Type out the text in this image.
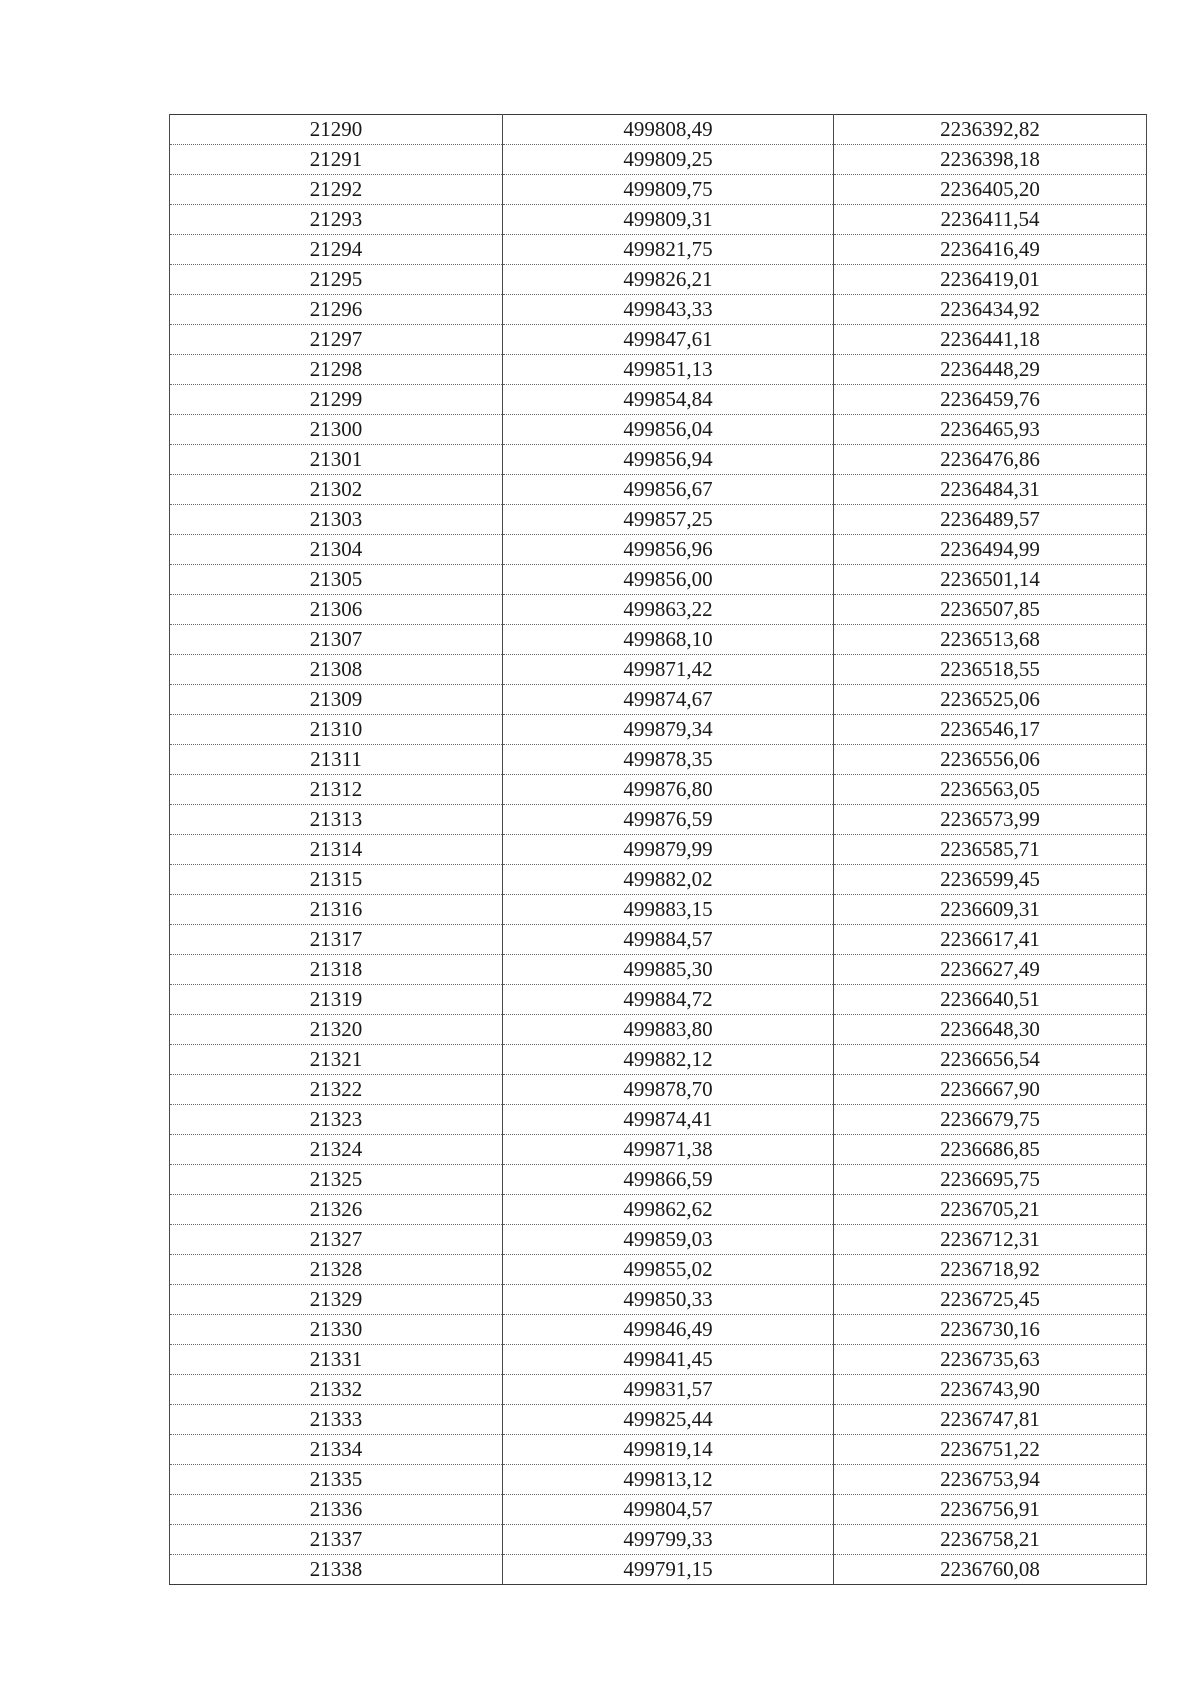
21290	499808,49	2236392,82
21291	499809,25	2236398,18
21292	499809,75	2236405,20
21293	499809,31	2236411,54
21294	499821,75	2236416,49
21295	499826,21	2236419,01
21296	499843,33	2236434,92
21297	499847,61	2236441,18
21298	499851,13	2236448,29
21299	499854,84	2236459,76
21300	499856,04	2236465,93
21301	499856,94	2236476,86
21302	499856,67	2236484,31
21303	499857,25	2236489,57
21304	499856,96	2236494,99
21305	499856,00	2236501,14
21306	499863,22	2236507,85
21307	499868,10	2236513,68
21308	499871,42	2236518,55
21309	499874,67	2236525,06
21310	499879,34	2236546,17
21311	499878,35	2236556,06
21312	499876,80	2236563,05
21313	499876,59	2236573,99
21314	499879,99	2236585,71
21315	499882,02	2236599,45
21316	499883,15	2236609,31
21317	499884,57	2236617,41
21318	499885,30	2236627,49
21319	499884,72	2236640,51
21320	499883,80	2236648,30
21321	499882,12	2236656,54
21322	499878,70	2236667,90
21323	499874,41	2236679,75
21324	499871,38	2236686,85
21325	499866,59	2236695,75
21326	499862,62	2236705,21
21327	499859,03	2236712,31
21328	499855,02	2236718,92
21329	499850,33	2236725,45
21330	499846,49	2236730,16
21331	499841,45	2236735,63
21332	499831,57	2236743,90
21333	499825,44	2236747,81
21334	499819,14	2236751,22
21335	499813,12	2236753,94
21336	499804,57	2236756,91
21337	499799,33	2236758,21
21338	499791,15	2236760,08
